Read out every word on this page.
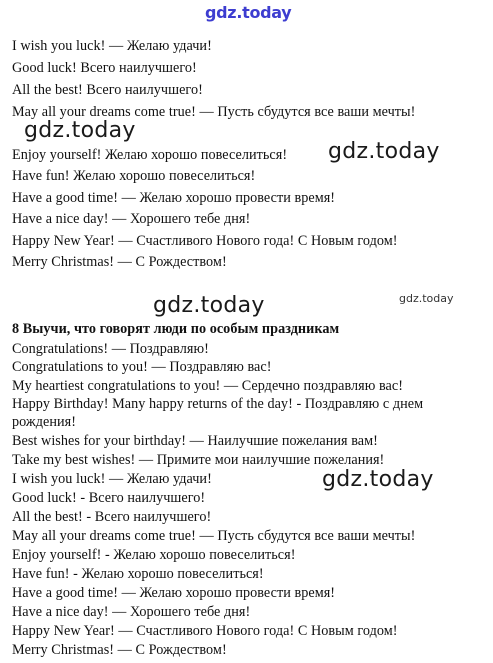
gdz.today
gdz.today
gdz.today
gdz.today	gdz.today
gdz.today
I wish you luck! — Желаю удачи!
Good luck! Всего наилучшего!
All the best! Всего наилучшего!
May all your dreams come true! — Пусть сбудутся все ваши мечты!
Enjoy yourself! Желаю хорошо повеселиться!
Have fun! Желаю хорошо повеселиться!
Have a good time! — Желаю хорошо провести время!
Have a nice day! — Хорошего тебе дня!
Happy New Year! — Счастливого Нового года! С Новым годом!
Merry Christmas! — С Рождеством!
8 Выучи, что говорят люди по особым праздникам
Congratulations! — Поздравляю!
Congratulations to you! — Поздравляю вас!
My heartiest congratulations to you! — Сердечно поздравляю вас!
Happy Birthday! Many happy returns of the day! - Поздравляю с днем
рождения!
Best wishes for your birthday! — Наилучшие пожелания вам!
Take my best wishes! — Примите мои наилучшие пожелания!
I wish you luck! — Желаю удачи!
Good luck! - Всего наилучшего!
All the best! - Всего наилучшего!
May all your dreams come true! — Пусть сбудутся все ваши мечты!
Enjoy yourself! - Желаю хорошо повеселиться!
Have fun! - Желаю хорошо повеселиться!
Have a good time! — Желаю хорошо провести время!
Have a nice day! — Хорошего тебе дня!
Happy New Year! — Счастливого Нового года! С Новым годом!
Merry Christmas! — С Рождеством!
